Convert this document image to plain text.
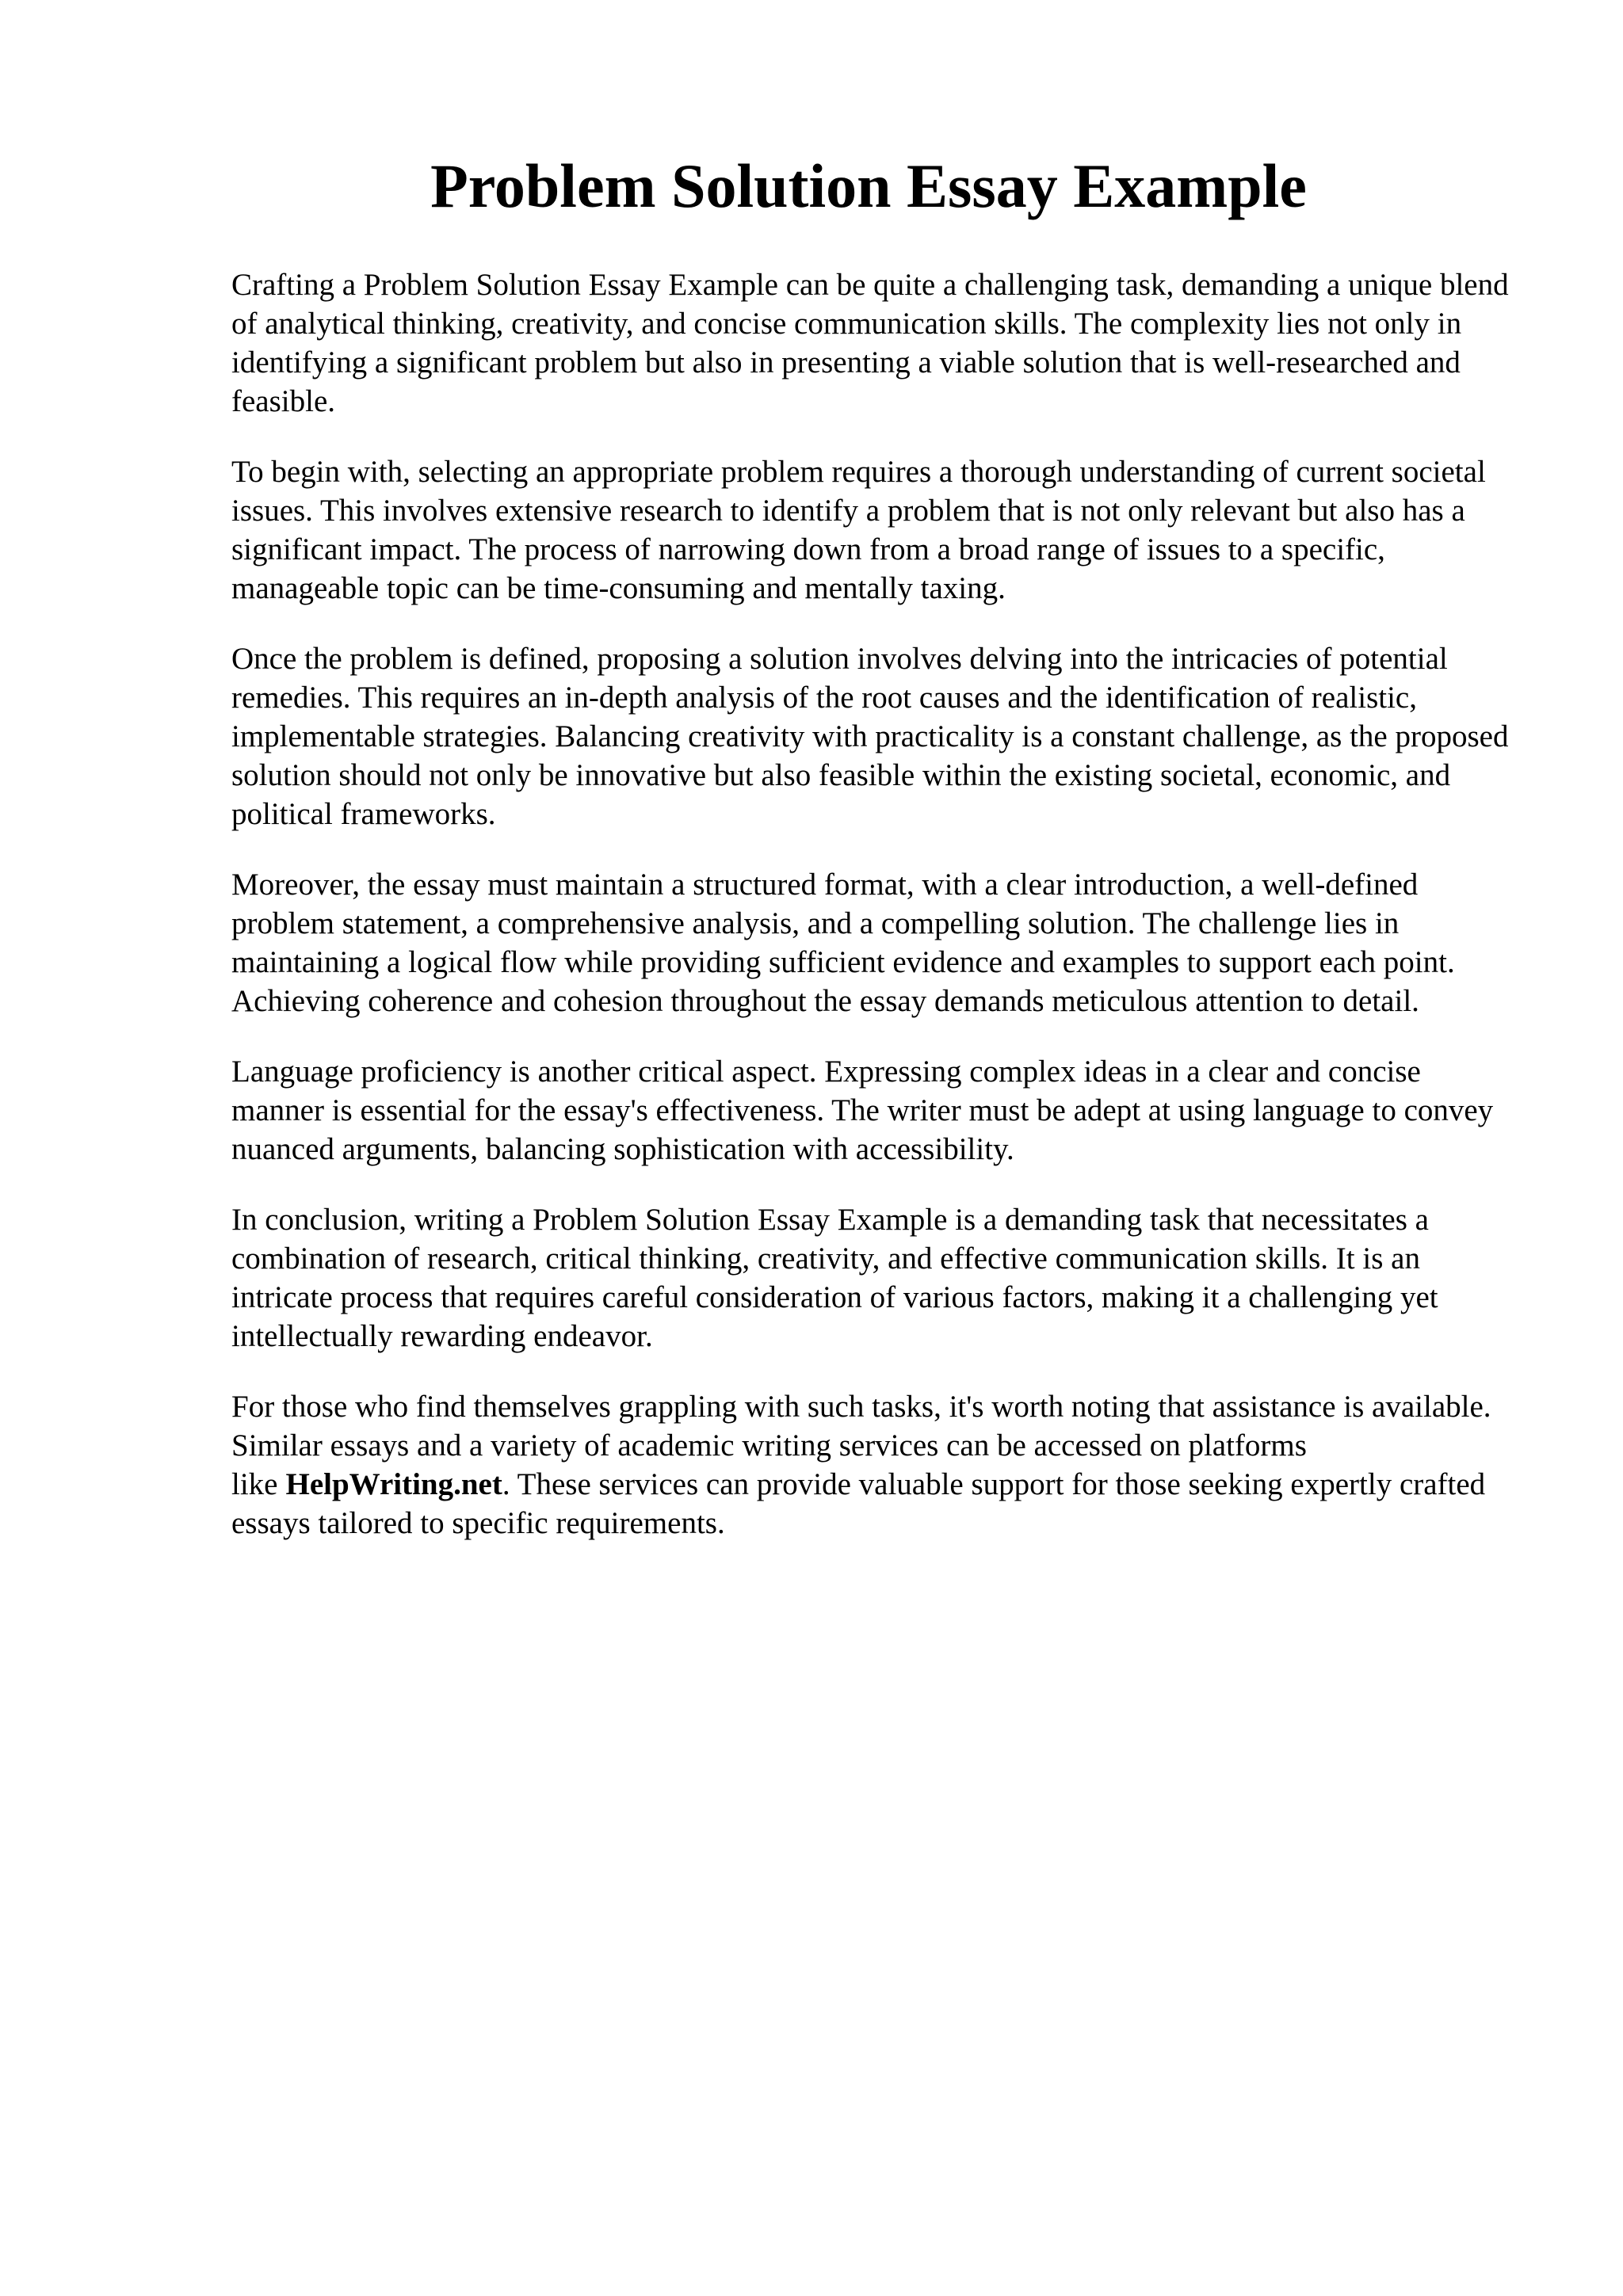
Problem Solution Essay Example

Crafting a Problem Solution Essay Example can be quite a challenging task, demanding a unique blend of analytical thinking, creativity, and concise communication skills. The complexity lies not only in identifying a significant problem but also in presenting a viable solution that is well-researched and feasible.

To begin with, selecting an appropriate problem requires a thorough understanding of current societal issues. This involves extensive research to identify a problem that is not only relevant but also has a significant impact. The process of narrowing down from a broad range of issues to a specific, manageable topic can be time-consuming and mentally taxing.

Once the problem is defined, proposing a solution involves delving into the intricacies of potential remedies. This requires an in-depth analysis of the root causes and the identification of realistic, implementable strategies. Balancing creativity with practicality is a constant challenge, as the proposed solution should not only be innovative but also feasible within the existing societal, economic, and political frameworks.

Moreover, the essay must maintain a structured format, with a clear introduction, a well-defined problem statement, a comprehensive analysis, and a compelling solution. The challenge lies in maintaining a logical flow while providing sufficient evidence and examples to support each point. Achieving coherence and cohesion throughout the essay demands meticulous attention to detail.

Language proficiency is another critical aspect. Expressing complex ideas in a clear and concise manner is essential for the essay's effectiveness. The writer must be adept at using language to convey nuanced arguments, balancing sophistication with accessibility.

In conclusion, writing a Problem Solution Essay Example is a demanding task that necessitates a combination of research, critical thinking, creativity, and effective communication skills. It is an intricate process that requires careful consideration of various factors, making it a challenging yet intellectually rewarding endeavor.

For those who find themselves grappling with such tasks, it's worth noting that assistance is available. Similar essays and a variety of academic writing services can be accessed on platforms like HelpWriting.net. These services can provide valuable support for those seeking expertly crafted essays tailored to specific requirements.
